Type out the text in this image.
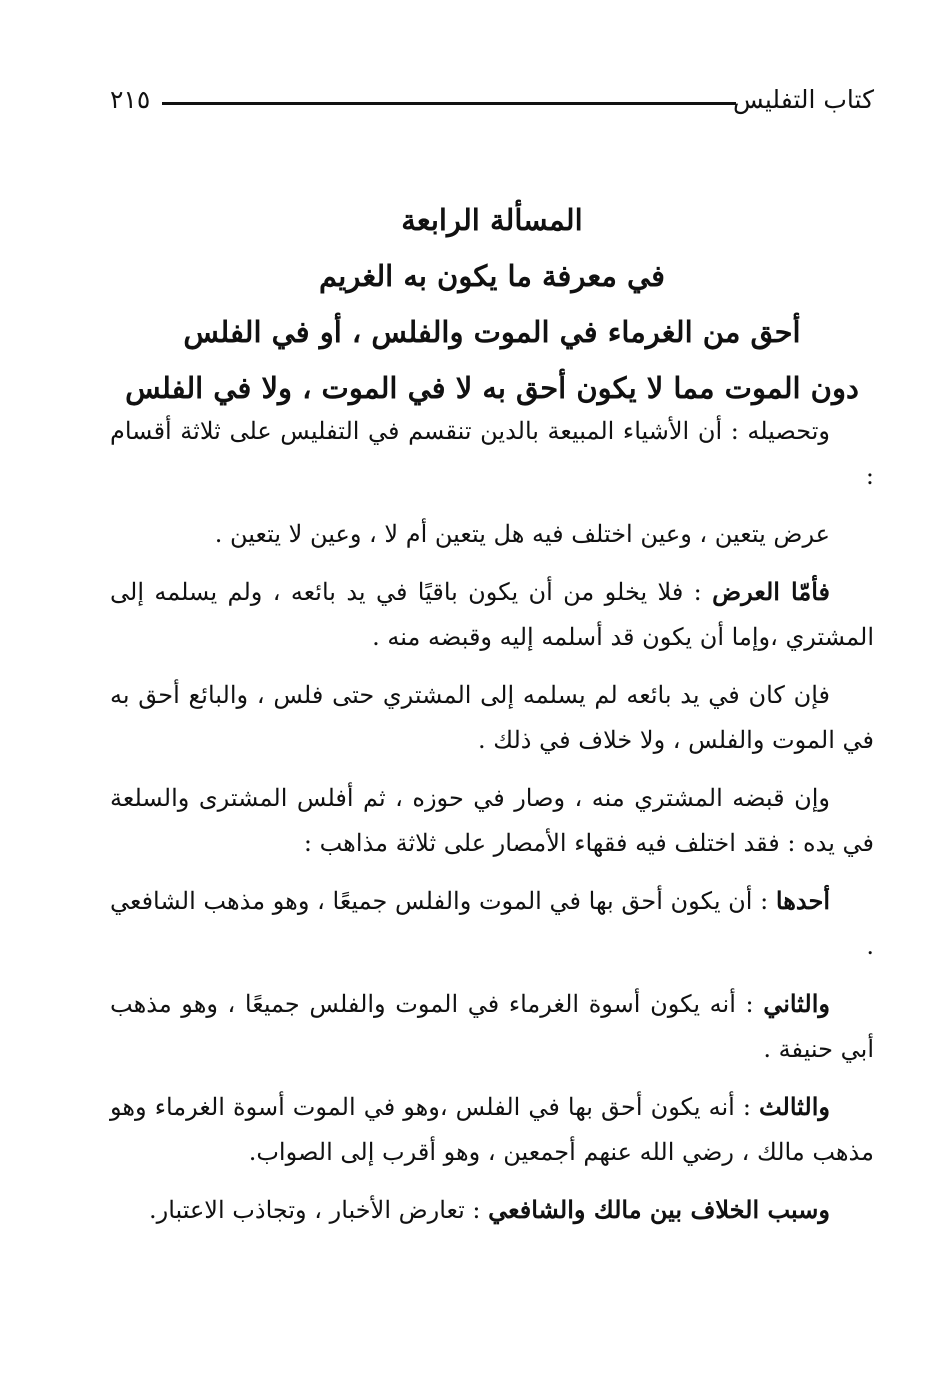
كتاب التفليس
٢١٥
المسألة الرابعة
في معرفة ما يكون به الغريم
أحق من الغرماء في الموت والفلس ، أو في الفلس
دون الموت مما لا يكون أحق به لا في الموت ، ولا في الفلس

وتحصيله : أن الأشياء المبيعة بالدين تنقسم في التفليس على ثلاثة أقسام :

عرض يتعين ، وعين اختلف فيه هل يتعين أم لا ، وعين لا يتعين .

فأمّا العرض : فلا يخلو من أن يكون باقيًا في يد بائعه ، ولم يسلمه إلى المشتري ،وإما أن يكون قد أسلمه إليه وقبضه منه .

فإن كان في يد بائعه لم يسلمه إلى المشتري حتى فلس ، والبائع أحق به في الموت والفلس ، ولا خلاف في ذلك .

وإن قبضه المشتري منه ، وصار في حوزه ، ثم أفلس المشترى والسلعة في يده : فقد اختلف فيه فقهاء الأمصار على ثلاثة مذاهب :

أحدها : أن يكون أحق بها في الموت والفلس جميعًا ، وهو مذهب الشافعي .

والثاني : أنه يكون أسوة الغرماء في الموت والفلس جميعًا ، وهو مذهب أبي حنيفة .

والثالث : أنه يكون أحق بها في الفلس ،وهو في الموت أسوة الغرماء وهو مذهب مالك ، رضي الله عنهم أجمعين ، وهو أقرب إلى الصواب.

وسبب الخلاف بين مالك والشافعي : تعارض الأخبار ، وتجاذب الاعتبار.
